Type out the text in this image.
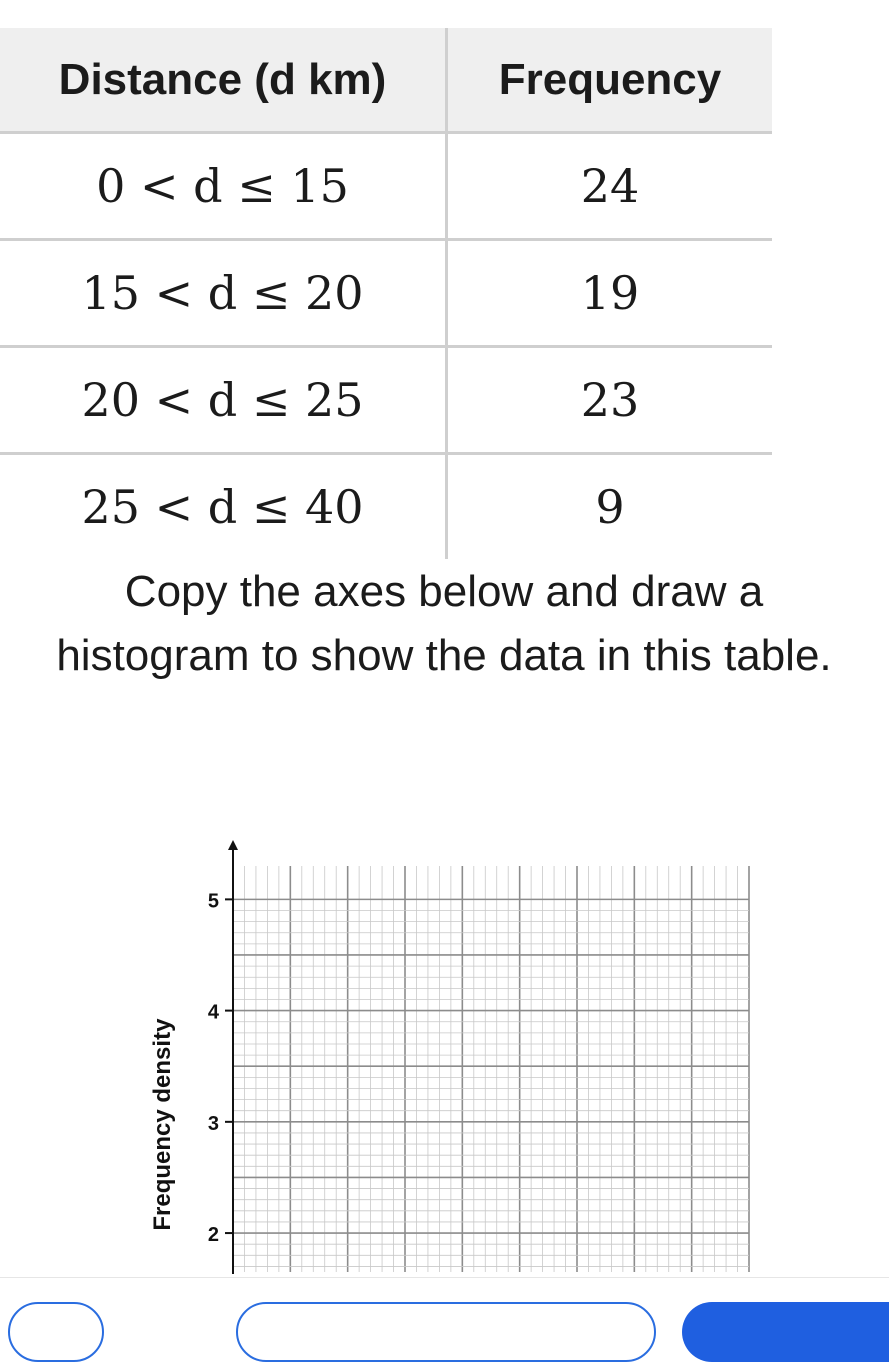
Distance (d km)	Frequency
0 < d ≤ 15	24
15 < d ≤ 20	19
20 < d ≤ 25	23
25 < d ≤ 40	9
Copy the axes below and draw a histogram to show the data in this table.
2
3
4
5
Frequency density
